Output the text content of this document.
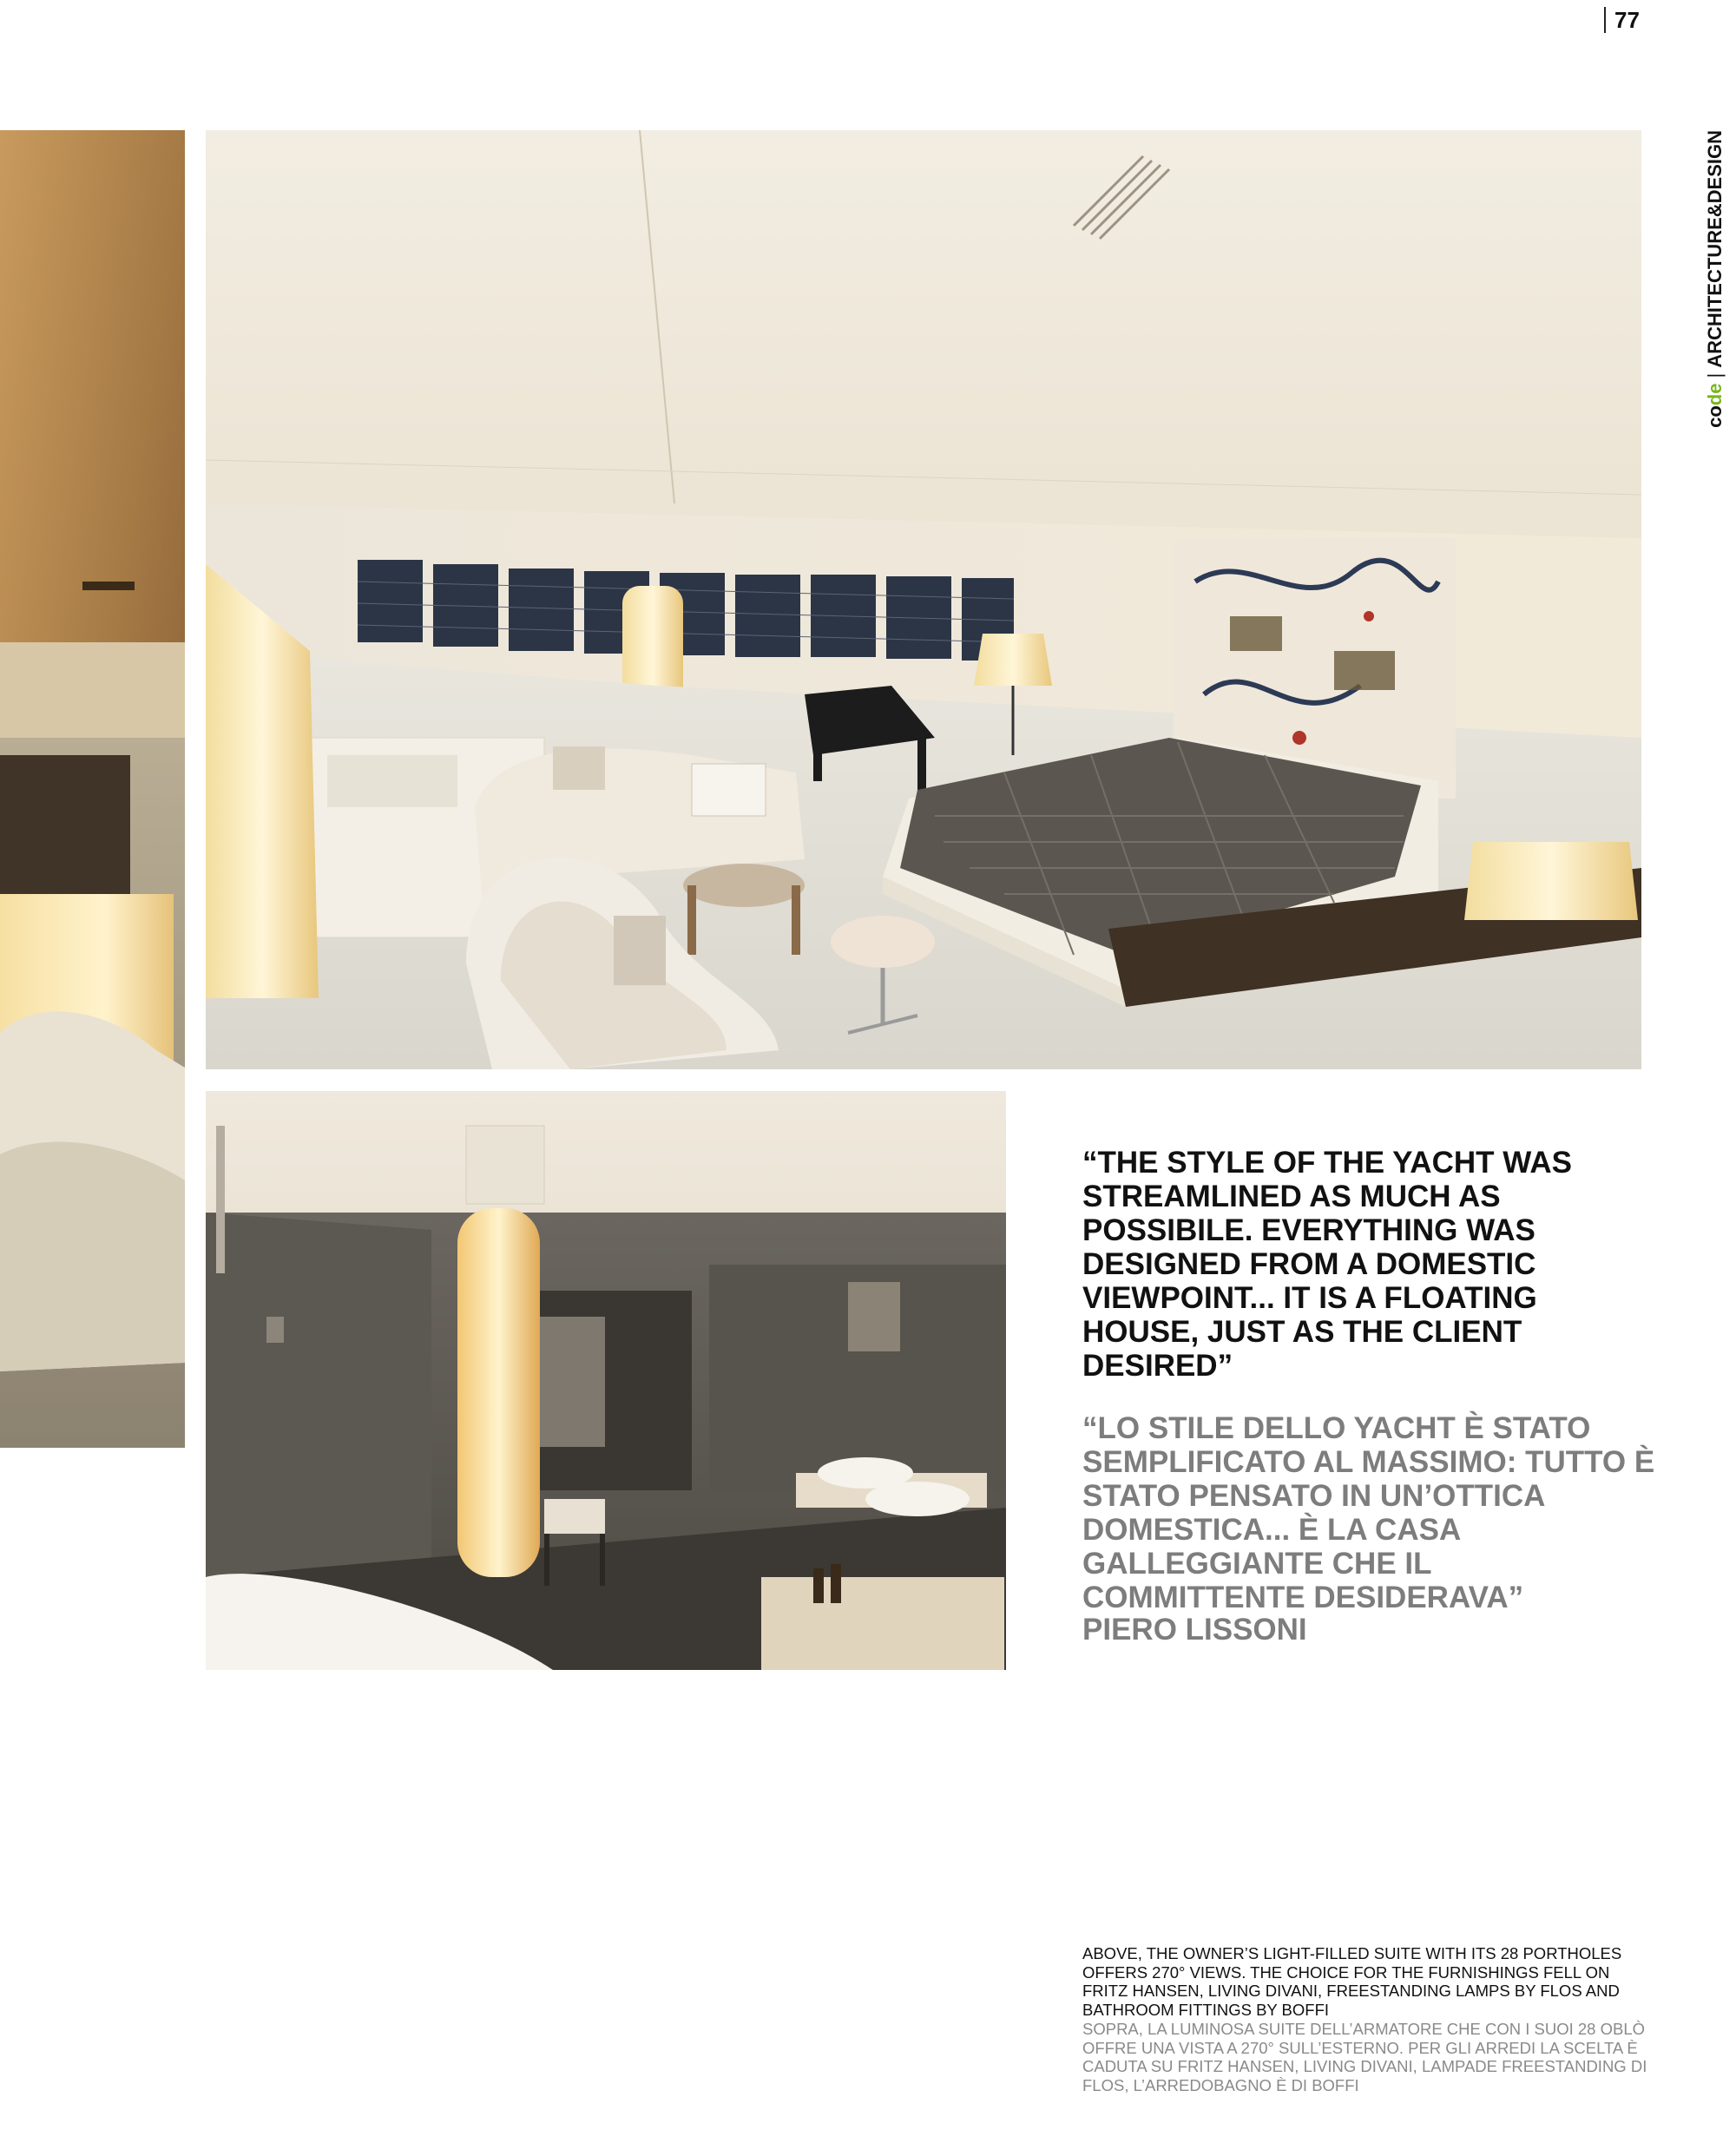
77
co
de
|
ARCHITECTURE&DESIGN
“THE STYLE OF THE YACHT WAS STREAMLINED AS MUCH AS POSSIBILE. EVERYTHING WAS DESIGNED FROM A DOMESTIC VIEWPOINT... IT IS A FLOATING HOUSE, JUST AS THE CLIENT DESIRED”
“LO STILE DELLO YACHT È STATO SEMPLIFICATO AL MASSIMO: TUTTO È STATO PENSATO IN UN’OTTICA DOMESTICA... È LA CASA GALLEGGIANTE CHE IL COMMITTENTE DESIDERAVA”
PIERO LISSONI
ABOVE, THE OWNER’S LIGHT-FILLED SUITE WITH ITS 28 PORTHOLES OFFERS 270° VIEWS. THE CHOICE FOR THE FURNISHINGS FELL ON FRITZ HANSEN, LIVING DIVANI, FREESTANDING LAMPS BY FLOS AND BATHROOM FITTINGS BY BOFFI
SOPRA, LA LUMINOSA SUITE DELL’ARMATORE CHE CON I SUOI 28 OBLÒ OFFRE UNA VISTA A 270° SULL’ESTERNO. PER GLI ARREDI LA SCELTA È CADUTA SU FRITZ HANSEN, LIVING DIVANI, LAMPADE FREESTANDING DI FLOS, L’ARREDOBAGNO È DI BOFFI
